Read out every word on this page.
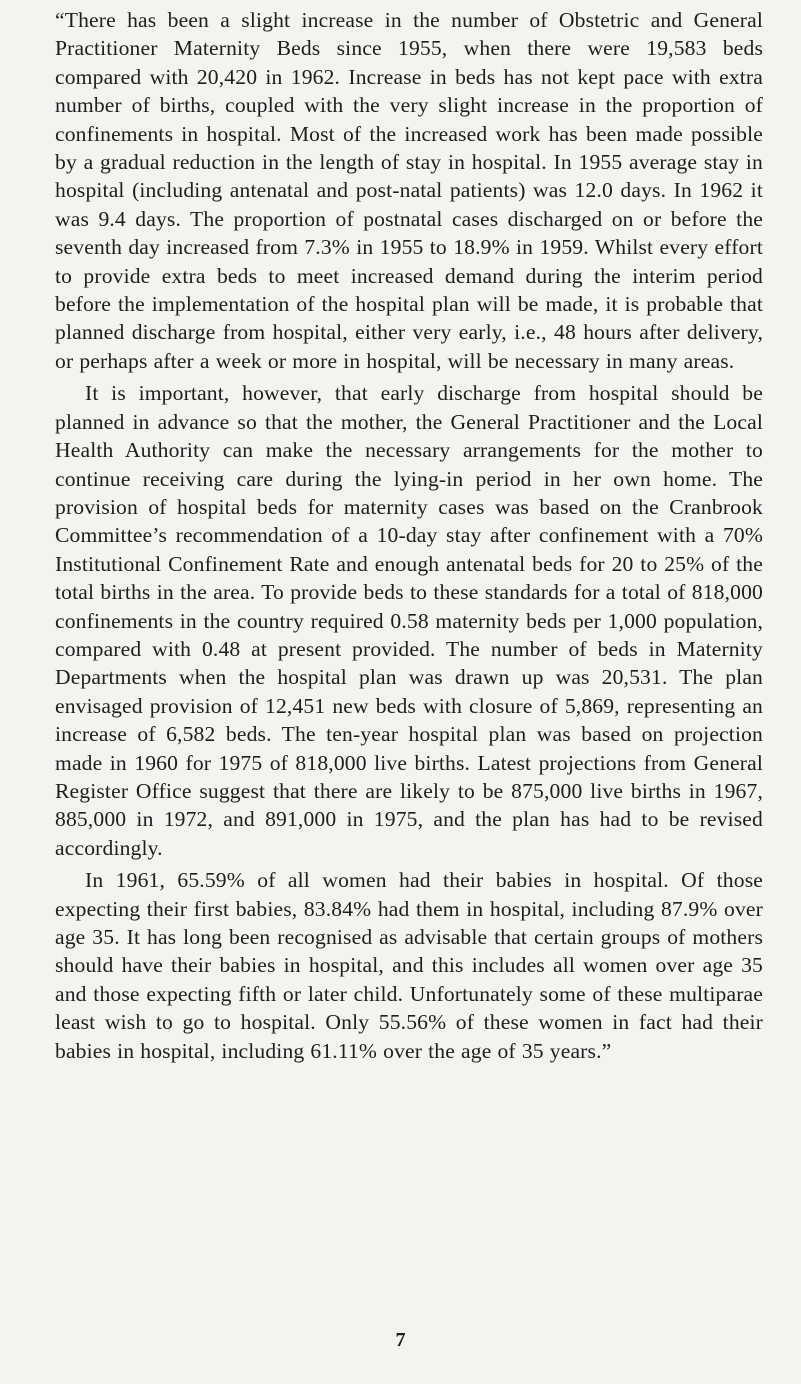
“There has been a slight increase in the number of Obstetric and General Practitioner Maternity Beds since 1955, when there were 19,583 beds compared with 20,420 in 1962. Increase in beds has not kept pace with extra number of births, coupled with the very slight increase in the proportion of confinements in hospital. Most of the increased work has been made possible by a gradual reduction in the length of stay in hospital. In 1955 average stay in hospital (including antenatal and post-natal patients) was 12.0 days. In 1962 it was 9.4 days. The proportion of postnatal cases discharged on or before the seventh day increased from 7.3% in 1955 to 18.9% in 1959. Whilst every effort to provide extra beds to meet increased demand during the interim period before the implementation of the hospital plan will be made, it is probable that planned discharge from hospital, either very early, i.e., 48 hours after delivery, or perhaps after a week or more in hospital, will be necessary in many areas.

It is important, however, that early discharge from hospital should be planned in advance so that the mother, the General Practitioner and the Local Health Authority can make the necessary arrangements for the mother to continue receiving care during the lying-in period in her own home. The provision of hospital beds for maternity cases was based on the Cranbrook Committee’s recommendation of a 10-day stay after confinement with a 70% Institutional Confinement Rate and enough antenatal beds for 20 to 25% of the total births in the area. To provide beds to these standards for a total of 818,000 confinements in the country required 0.58 maternity beds per 1,000 population, compared with 0.48 at present provided. The number of beds in Maternity Departments when the hospital plan was drawn up was 20,531. The plan envisaged provision of 12,451 new beds with closure of 5,869, representing an increase of 6,582 beds. The ten-year hospital plan was based on projection made in 1960 for 1975 of 818,000 live births. Latest projections from General Register Office suggest that there are likely to be 875,000 live births in 1967, 885,000 in 1972, and 891,000 in 1975, and the plan has had to be revised accordingly.

In 1961, 65.59% of all women had their babies in hospital. Of those expecting their first babies, 83.84% had them in hospital, including 87.9% over age 35. It has long been recognised as advisable that certain groups of mothers should have their babies in hospital, and this includes all women over age 35 and those expecting fifth or later child. Unfortunately some of these multiparae least wish to go to hospital. Only 55.56% of these women in fact had their babies in hospital, including 61.11% over the age of 35 years.”

7
